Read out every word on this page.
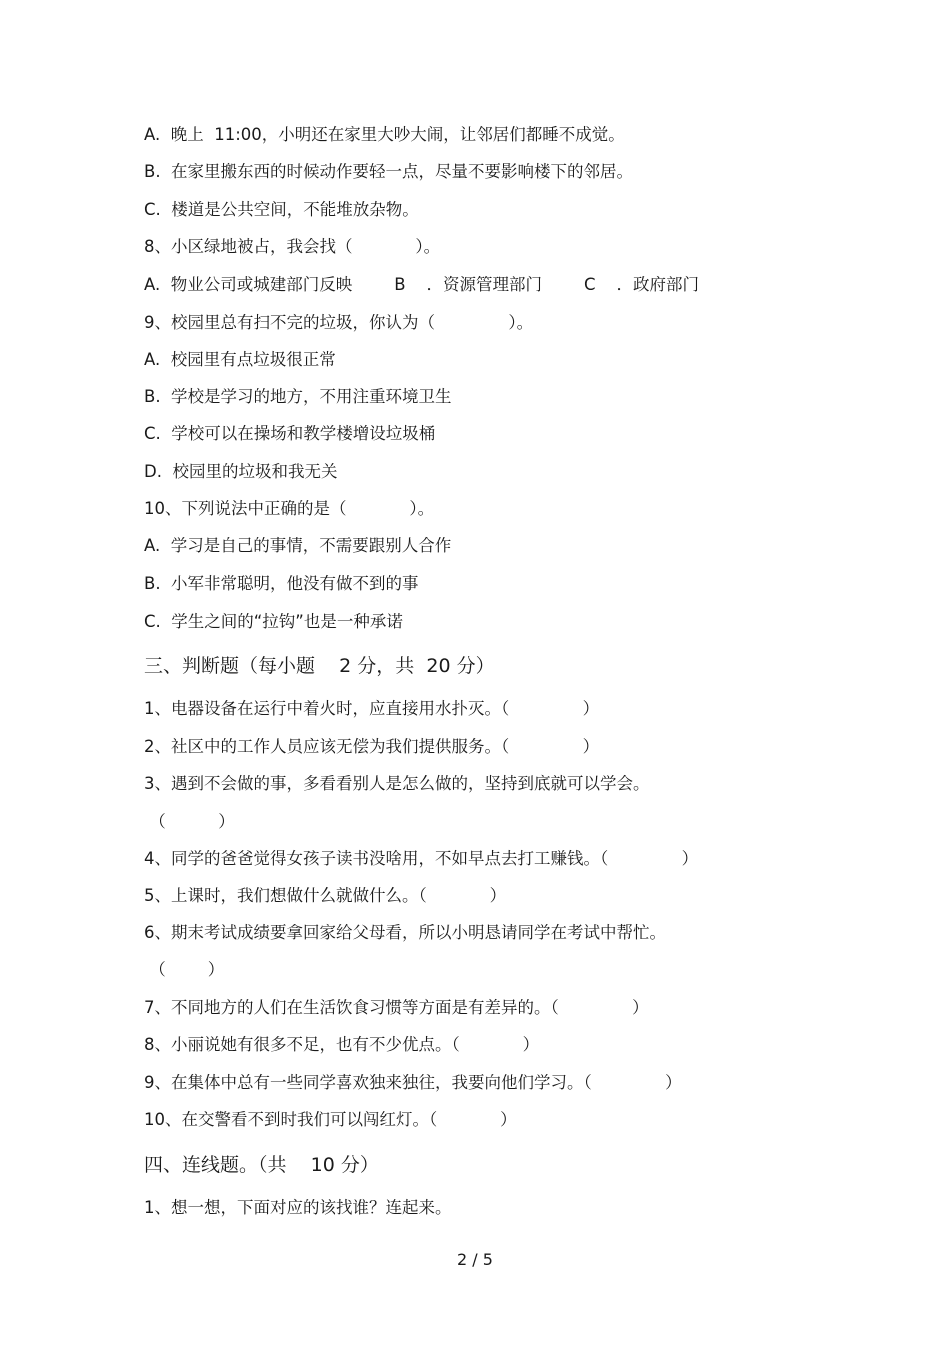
A.  晚上  11:00，小明还在家里大吵大闹，让邻居们都睡不成觉。
B.  在家里搬东西的时候动作要轻一点，尽量不要影响楼下的邻居。
C.  楼道是公共空间，不能堆放杂物。
8、小区绿地被占，我会找（            ）。
A.  物业公司或城建部门反映        B    ．资源管理部门        C    ．政府部门
9、校园里总有扫不完的垃圾，你认为（              ）。
A.  校园里有点垃圾很正常
B.  学校是学习的地方，不用注重环境卫生
C.  学校可以在操场和教学楼增设垃圾桶
D.  校园里的垃圾和我无关
10、下列说法中正确的是（            ）。
A.  学习是自己的事情，不需要跟别人合作
B.  小军非常聪明，他没有做不到的事
C.  学生之间的“拉钩”也是一种承诺
三、判断题（每小题    2 分，共  20 分）
1、电器设备在运行中着火时，应直接用水扑灭。（              ）
2、社区中的工作人员应该无偿为我们提供服务。（              ）
3、遇到不会做的事，多看看别人是怎么做的，坚持到底就可以学会。
（          ）
4、同学的爸爸觉得女孩子读书没啥用，不如早点去打工赚钱。（              ）
5、上课时，我们想做什么就做什么。（            ）
6、期末考试成绩要拿回家给父母看，所以小明恳请同学在考试中帮忙。
（        ）
7、不同地方的人们在生活饮食习惯等方面是有差异的。（              ）
8、小丽说她有很多不足，也有不少优点。（            ）
9、在集体中总有一些同学喜欢独来独往，我要向他们学习。（              ）
10、在交警看不到时我们可以闯红灯。（            ）
四、连线题。（共    10 分）
1、想一想，下面对应的该找谁？连起来。
2 / 5
